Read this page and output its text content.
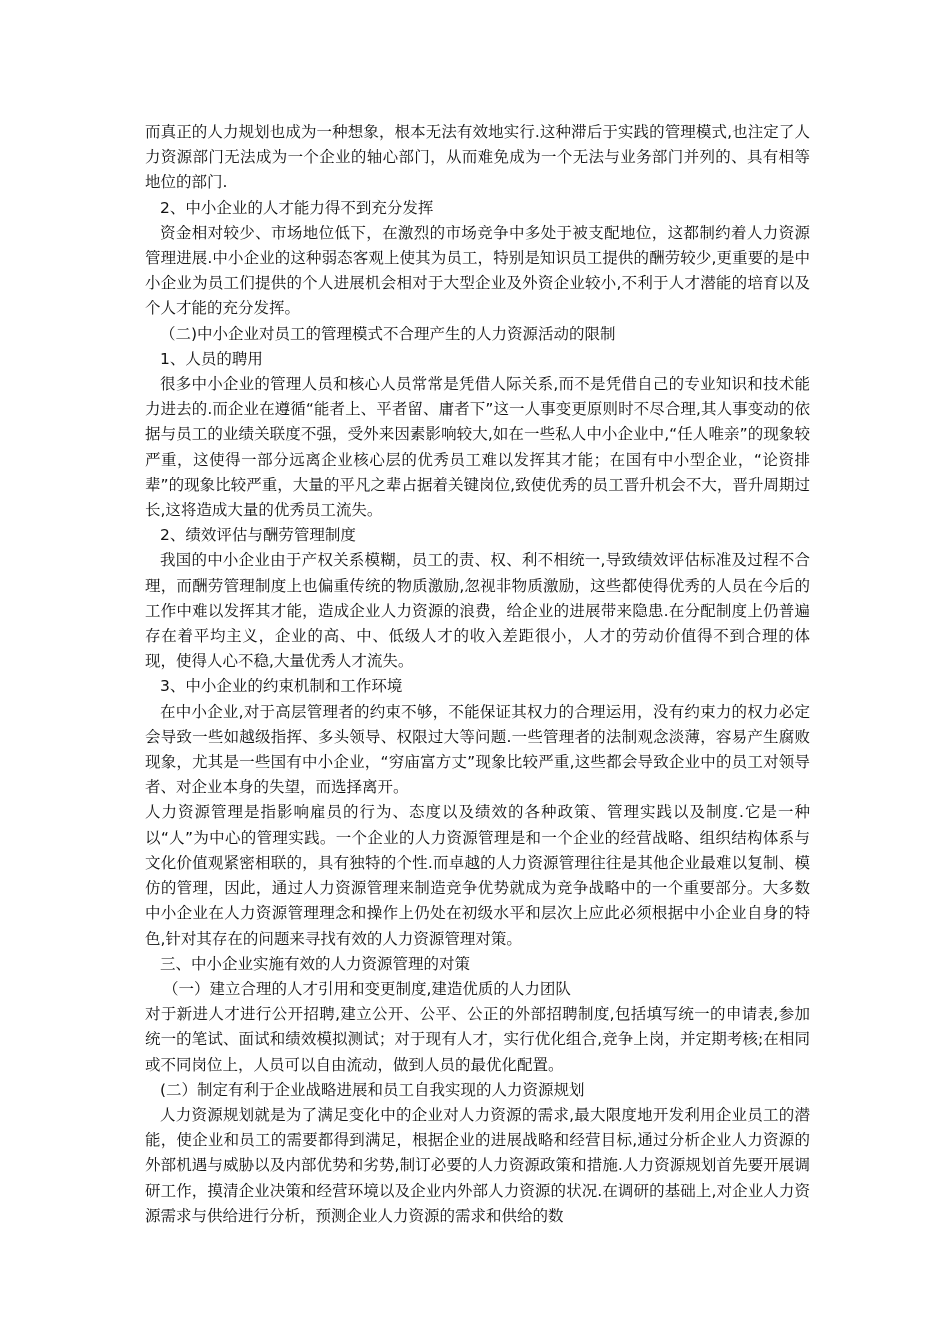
而真正的人力规划也成为一种想象，根本无法有效地实行.这种滞后于实践的管理模式,也注定了人力资源部门无法成为一个企业的轴心部门，从而难免成为一个无法与业务部门并列的、具有相等地位的部门.

2、中小企业的人才能力得不到充分发挥

资金相对较少、市场地位低下，在激烈的市场竞争中多处于被支配地位，这都制约着人力资源管理进展.中小企业的这种弱态客观上使其为员工，特别是知识员工提供的酬劳较少,更重要的是中小企业为员工们提供的个人进展机会相对于大型企业及外资企业较小,不利于人才潜能的培育以及个人才能的充分发挥。

（二)中小企业对员工的管理模式不合理产生的人力资源活动的限制

1、人员的聘用

很多中小企业的管理人员和核心人员常常是凭借人际关系,而不是凭借自己的专业知识和技术能力进去的.而企业在遵循“能者上、平者留、庸者下”这一人事变更原则时不尽合理,其人事变动的依据与员工的业绩关联度不强，受外来因素影响较大,如在一些私人中小企业中,“任人唯亲”的现象较严重，这使得一部分远离企业核心层的优秀员工难以发挥其才能；在国有中小型企业，“论资排辈”的现象比较严重，大量的平凡之辈占据着关键岗位,致使优秀的员工晋升机会不大，晋升周期过长,这将造成大量的优秀员工流失。

2、绩效评估与酬劳管理制度

我国的中小企业由于产权关系模糊，员工的责、权、利不相统一,导致绩效评估标准及过程不合理，而酬劳管理制度上也偏重传统的物质激励,忽视非物质激励，这些都使得优秀的人员在今后的工作中难以发挥其才能，造成企业人力资源的浪费，给企业的进展带来隐患.在分配制度上仍普遍存在着平均主义，企业的高、中、低级人才的收入差距很小，人才的劳动价值得不到合理的体现，使得人心不稳,大量优秀人才流失。

3、中小企业的约束机制和工作环境

在中小企业,对于高层管理者的约束不够，不能保证其权力的合理运用，没有约束力的权力必定会导致一些如越级指挥、多头领导、权限过大等问题.一些管理者的法制观念淡薄，容易产生腐败现象，尤其是一些国有中小企业，“穷庙富方丈”现象比较严重,这些都会导致企业中的员工对领导者、对企业本身的失望，而选择离开。

人力资源管理是指影响雇员的行为、态度以及绩效的各种政策、管理实践以及制度.它是一种以“人”为中心的管理实践。一个企业的人力资源管理是和一个企业的经营战略、组织结构体系与文化价值观紧密相联的，具有独特的个性.而卓越的人力资源管理往往是其他企业最难以复制、模仿的管理，因此，通过人力资源管理来制造竞争优势就成为竞争战略中的一个重要部分。大多数中小企业在人力资源管理理念和操作上仍处在初级水平和层次上应此必须根据中小企业自身的特色,针对其存在的问题来寻找有效的人力资源管理对策。

三、中小企业实施有效的人力资源管理的对策

（一）建立合理的人才引用和变更制度,建造优质的人力团队

对于新进人才进行公开招聘,建立公开、公平、公正的外部招聘制度,包括填写统一的申请表,参加统一的笔试、面试和绩效模拟测试；对于现有人才，实行优化组合,竞争上岗，并定期考核;在相同或不同岗位上，人员可以自由流动，做到人员的最优化配置。

(二）制定有利于企业战略进展和员工自我实现的人力资源规划

人力资源规划就是为了满足变化中的企业对人力资源的需求,最大限度地开发利用企业员工的潜能，使企业和员工的需要都得到满足，根据企业的进展战略和经营目标,通过分析企业人力资源的外部机遇与威胁以及内部优势和劣势,制订必要的人力资源政策和措施.人力资源规划首先要开展调研工作，摸清企业决策和经营环境以及企业内外部人力资源的状况.在调研的基础上,对企业人力资源需求与供给进行分析，预测企业人力资源的需求和供给的数
